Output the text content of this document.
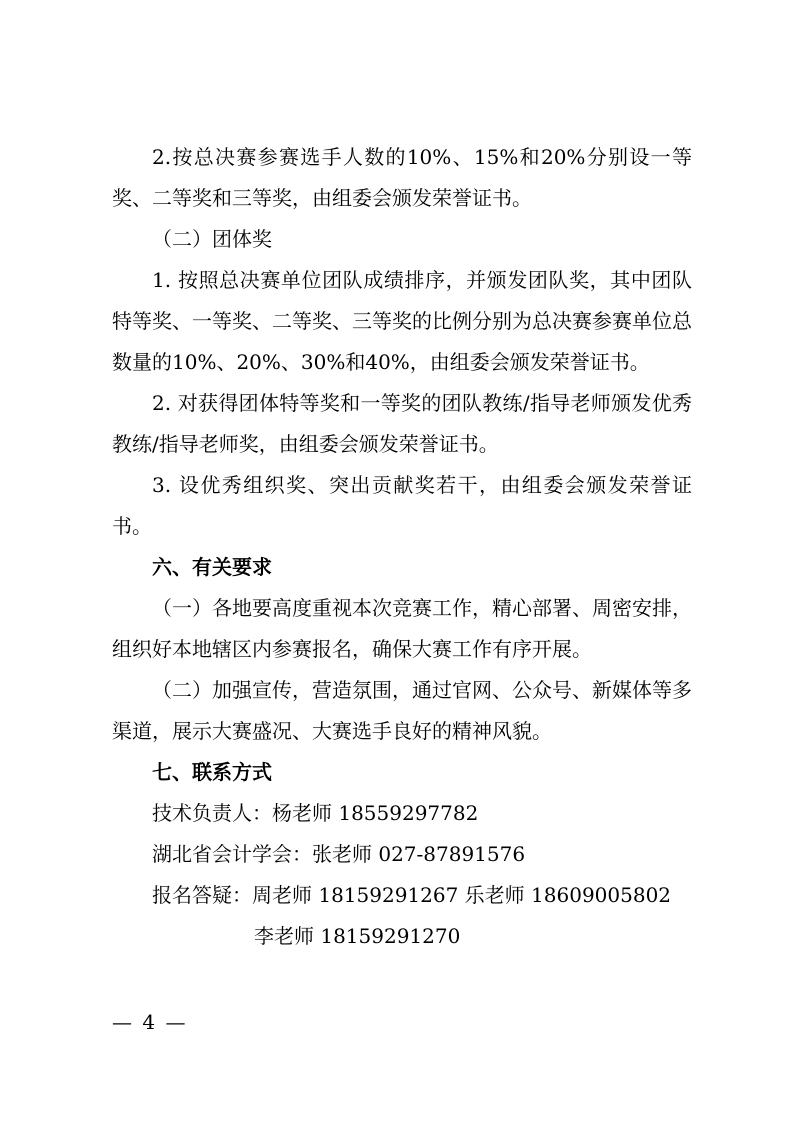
2.按总决赛参赛选手人数的10%、15%和20%分别设一等奖、二等奖和三等奖，由组委会颁发荣誉证书。

（二）团体奖

1. 按照总决赛单位团队成绩排序，并颁发团队奖，其中团队特等奖、一等奖、二等奖、三等奖的比例分别为总决赛参赛单位总数量的10%、20%、30%和40%，由组委会颁发荣誉证书。

2. 对获得团体特等奖和一等奖的团队教练/指导老师颁发优秀教练/指导老师奖，由组委会颁发荣誉证书。

3. 设优秀组织奖、突出贡献奖若干，由组委会颁发荣誉证书。

六、有关要求

（一）各地要高度重视本次竞赛工作，精心部署、周密安排，组织好本地辖区内参赛报名，确保大赛工作有序开展。

（二）加强宣传，营造氛围，通过官网、公众号、新媒体等多渠道，展示大赛盛况、大赛选手良好的精神风貌。

七、联系方式

技术负责人：杨老师 18559297782

湖北省会计学会：张老师 027-87891576

报名答疑：周老师 18159291267 乐老师 18609005802

李老师 18159291270

— 4 —
